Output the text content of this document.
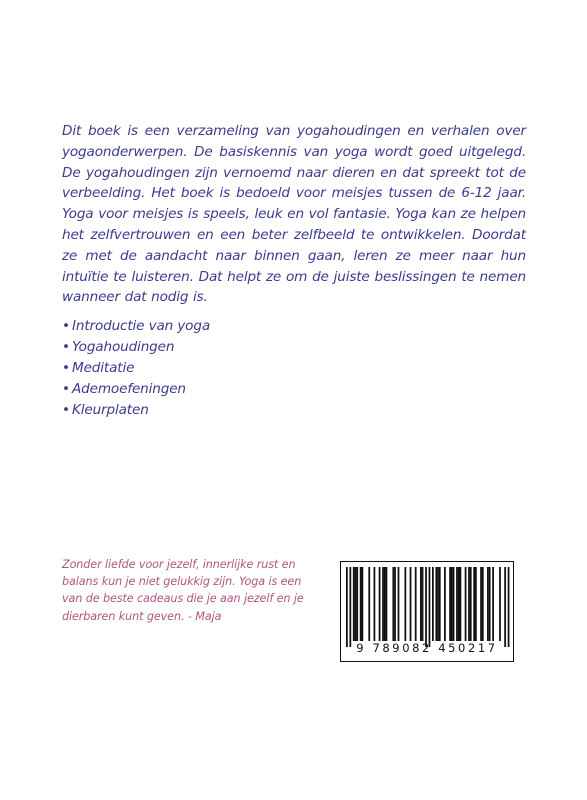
Dit boek is een verzameling van yogahoudingen en verhalen over yogaonderwerpen. De basiskennis van yoga wordt goed uitgelegd. De yogahoudingen zijn vernoemd naar dieren en dat spreekt tot de verbeelding. Het boek is bedoeld voor meisjes tussen de 6-12 jaar. Yoga voor meisjes is speels, leuk en vol fantasie. Yoga kan ze helpen het zelfvertrouwen en een beter zelfbeeld te ontwikkelen. Doordat ze met de aandacht naar binnen gaan, leren ze meer naar hun intuïtie te luisteren. Dat helpt ze om de juiste beslissingen te nemen wanneer dat nodig is.

• Introductie van yoga
• Yogahoudingen
• Meditatie
• Ademoefeningen
• Kleurplaten

Zonder liefde voor jezelf, innerlijke rust en balans kun je niet gelukkig zijn. Yoga is een van de beste cadeaus die je aan jezelf en je dierbaren kunt geven. - Maja

9 789082 450217
